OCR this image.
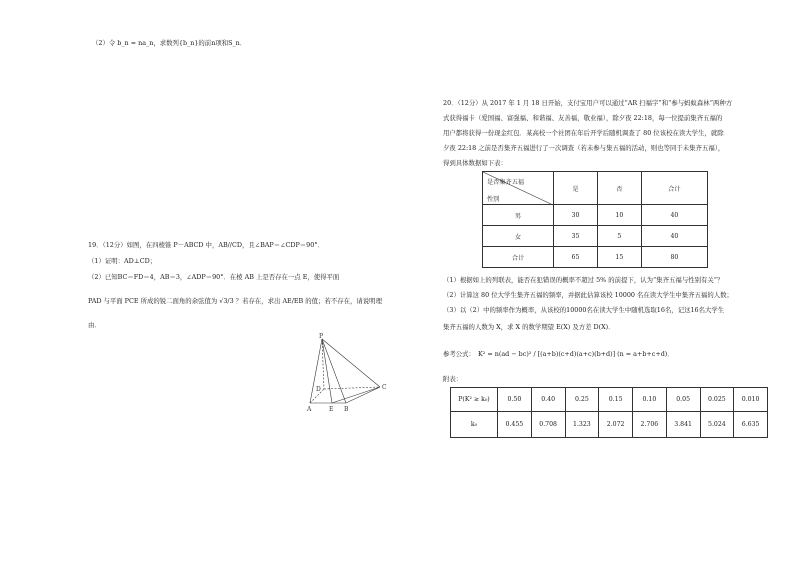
（2）令 b_n = na_n，求数列{b_n}的前n项和S_n．
19．（12分）如图，在四棱锥 P－ABCD 中，AB//CD，且∠BAP＝∠CDP＝90°．
（1）证明：AD⊥CD；
（2）已知BC＝FD＝4，AB＝3，∠ADP＝90°．在棱 AB 上是否存在一点 E，使得平面
PAD 与平面 PCE 所成的锐二面角的余弦值为 √3/3 ？若存在，求出 AE/EB 的值；若不存在，请说明理
由．
P
D	C
A	E B
20．（12分）从 2017 年 1 月 18 日开始，支付宝用户可以通过“AR 扫福字”和“参与蚂蚁森林”两种方
式获得福卡（爱国福、富强福、和谐福、友善福，敬业福），除夕夜 22:18，每一位提前集齐五福的
用户都将获得一份现金红包．某高校一个社团在年后开学后随机调查了 80 位该校在读大学生，就除
夕夜 22:18 之前是否集齐五福进行了一次调查（若未参与集五福的活动，则也等同于未集齐五福），
得到具体数据如下表：
是否集齐五福
性别	是	否	合计
男	30	10	40
女	35	5	40
合计	65	15	80
（1）根据如上的列联表，能否在犯错误的概率不超过 5% 的前提下，认为“集齐五福与性别有关”？
（2）计算这 80 位大学生集齐五福的频率，并据此估算该校 10000 名在读大学生中集齐五福的人数；
（3）以（2）中的频率作为概率，从该校的10000名在读大学生中随机选取16名，记这16名大学生
集齐五福的人数为 X，求 X 的数学期望 E(X) 及方差 D(X)．
参考公式： K² = n(ad − bc)² / [(a+b)(c+d)(a+c)(b+d)] (n = a+b+c+d)．
附表：
P(K² ≥ k₀)	0.50	0.40	0.25	0.15	0.10	0.05	0.025	0.010
k₀	0.455	0.708	1.323	2.072	2.706	3.841	5.024	6.635
